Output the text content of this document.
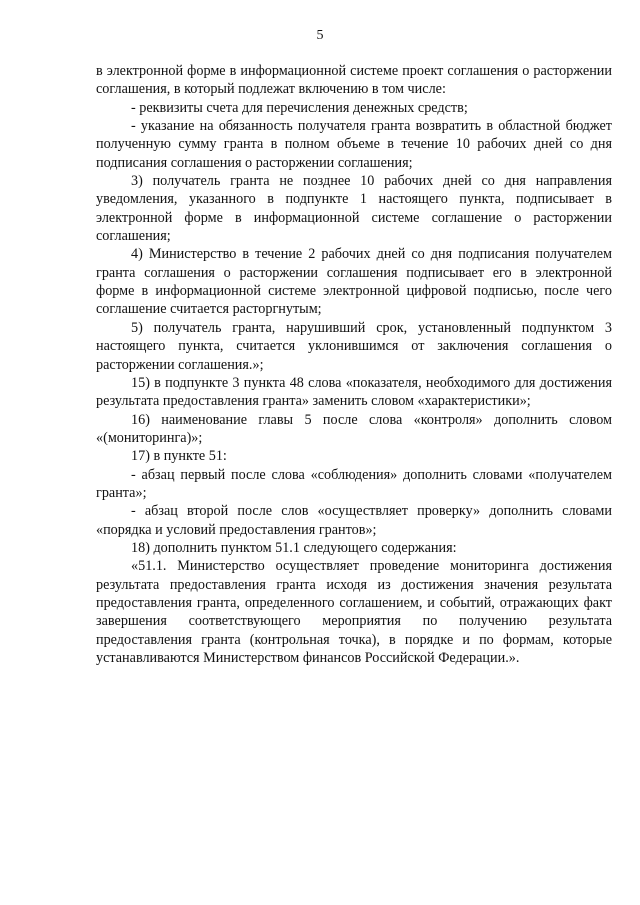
5

в электронной форме в информационной системе проект соглашения о расторжении соглашения, в который подлежат включению в том числе:

- реквизиты счета для перечисления денежных средств;

- указание на обязанность получателя гранта возвратить в областной бюджет полученную сумму гранта в полном объеме в течение 10 рабочих дней со дня подписания соглашения о расторжении соглашения;

3) получатель гранта не позднее 10 рабочих дней со дня направления уведомления, указанного в подпункте 1 настоящего пункта, подписывает в электронной форме в информационной системе соглашение о расторжении соглашения;

4) Министерство в течение 2 рабочих дней со дня подписания получателем гранта соглашения о расторжении соглашения подписывает его в электронной форме в информационной системе электронной цифровой подписью, после чего соглашение считается расторгнутым;

5) получатель гранта, нарушивший срок, установленный подпунктом 3 настоящего пункта, считается уклонившимся от заключения соглашения о расторжении соглашения.»;

15) в подпункте 3 пункта 48 слова «показателя, необходимого для достижения результата предоставления гранта» заменить словом «характеристики»;

16) наименование главы 5 после слова «контроля» дополнить словом «(мониторинга)»;

17) в пункте 51:

- абзац первый после слова «соблюдения» дополнить словами «получателем гранта»;

- абзац второй после слов «осуществляет проверку» дополнить словами «порядка и условий предоставления грантов»;

18) дополнить пунктом 51.1 следующего содержания:

«51.1. Министерство осуществляет проведение мониторинга достижения результата предоставления гранта исходя из достижения значения результата предоставления гранта, определенного соглашением, и событий, отражающих факт завершения соответствующего мероприятия по получению результата предоставления гранта (контрольная точка), в порядке и по формам, которые устанавливаются Министерством финансов Российской Федерации.».
